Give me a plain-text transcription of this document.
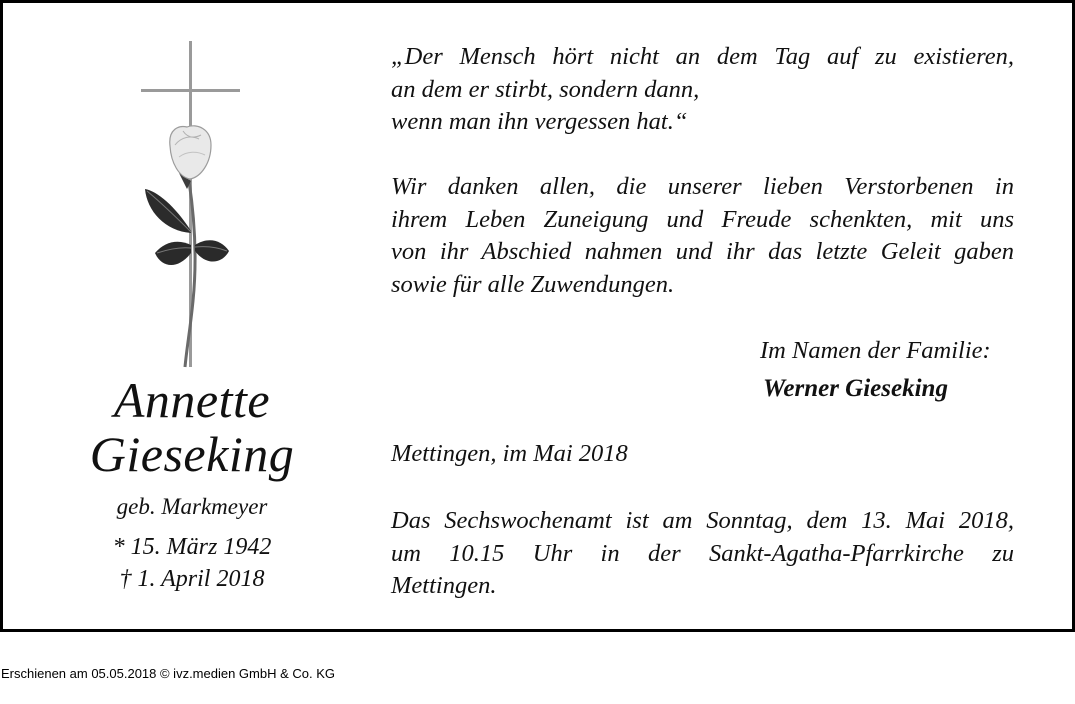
Annette
Gieseking
geb. Markmeyer
* 15. März 1942
† 1. April 2018
„Der Mensch hört nicht an dem Tag auf zu existieren,
an dem er stirbt, sondern dann,
wenn man ihn vergessen hat.“
Wir danken allen, die unserer lieben Verstorbenen in
ihrem Leben Zuneigung und Freude schenkten, mit uns
von ihr Abschied nahmen und ihr das letzte Geleit gaben
sowie für alle Zuwendungen.
Im Namen der Familie:
Werner Gieseking
Mettingen, im Mai 2018
Das Sechswochenamt ist am Sonntag, dem 13. Mai 2018,
um 10.15 Uhr in der Sankt-Agatha-Pfarrkirche zu
Mettingen.
Erschienen am 05.05.2018 © ivz.medien GmbH & Co. KG
